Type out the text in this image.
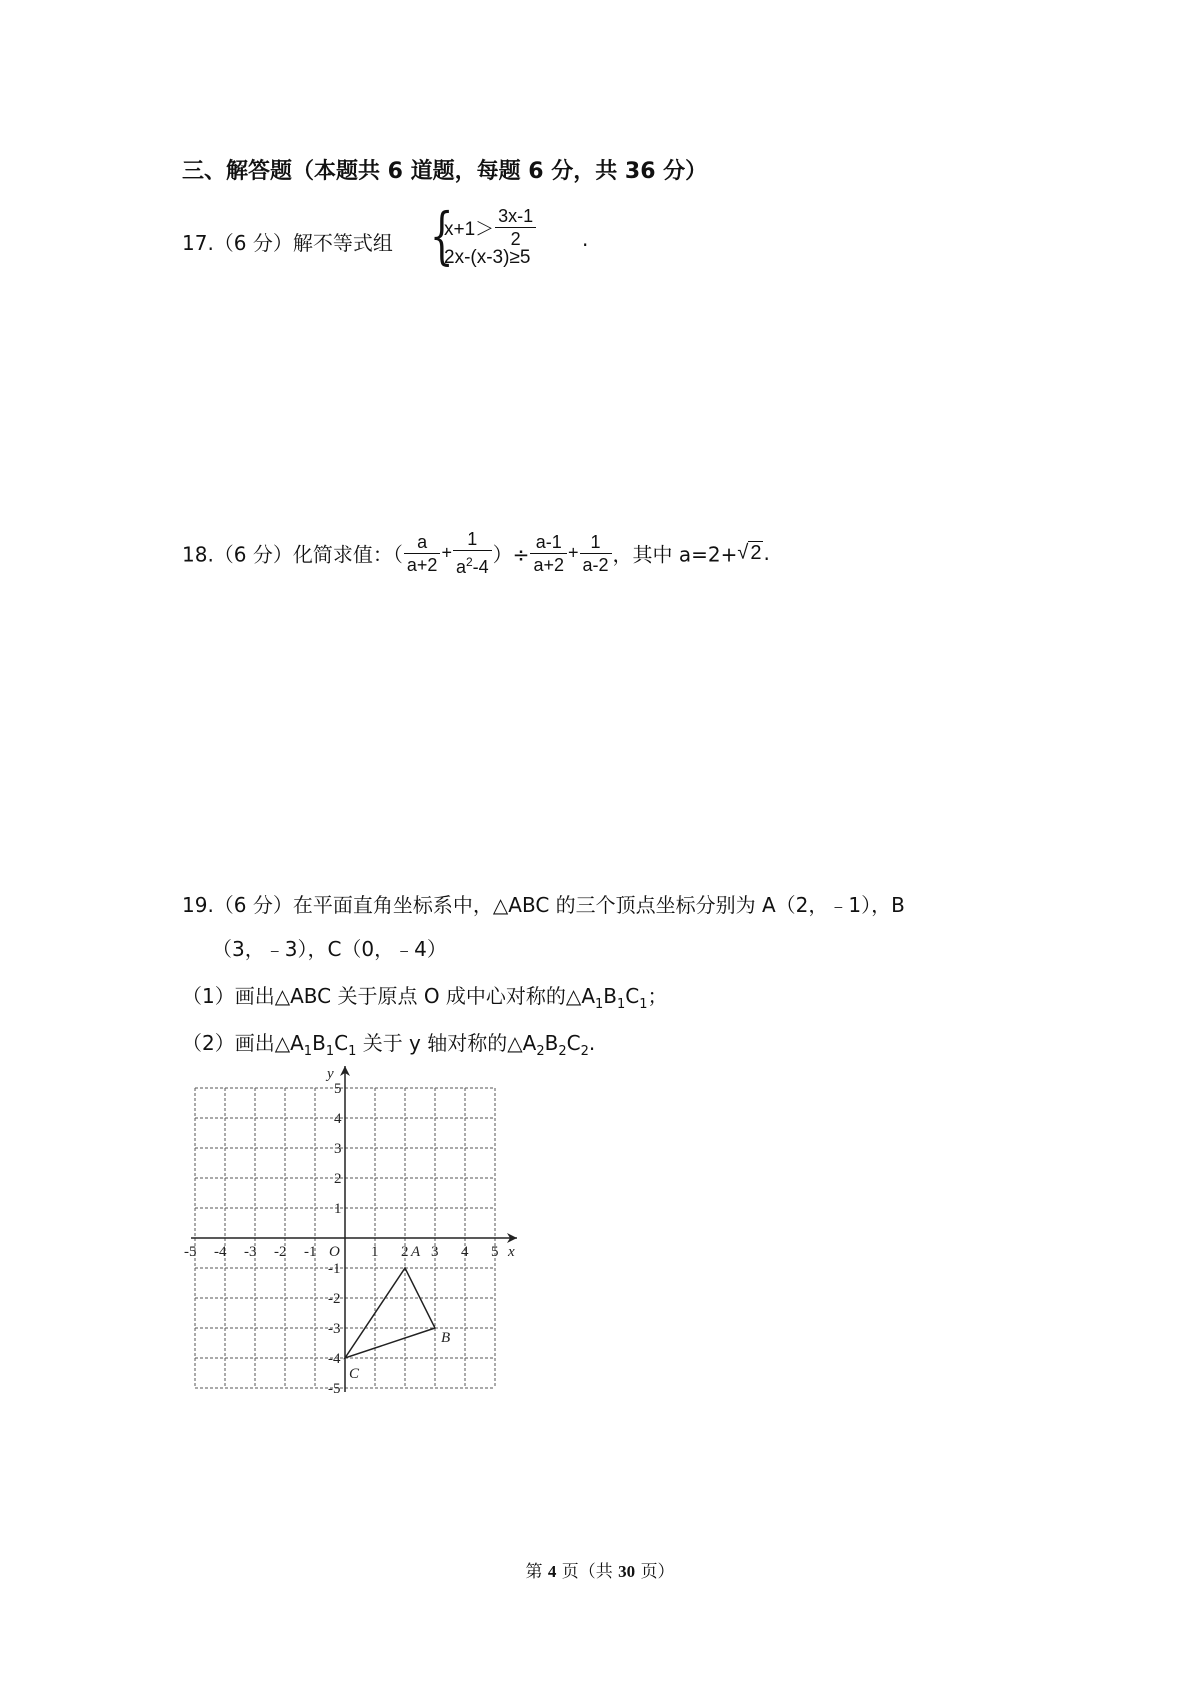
三、解答题（本题共 6 道题，每题 6 分，共 36 分）
17.（6 分）解不等式组 {
$x+1> \frac{3x-1}{2}$
2x-(x-3)≥5
.
18.（6 分）化简求值：（ $\frac{a}{a+2} + \frac{1}{a^2-4}$ ）÷ $\frac{a-1}{a+2} + \frac{1}{a-2}$ ，其中 a=2+√ 2 .
19.（6 分）在平面直角坐标系中，△ABC 的三个顶点坐标分别为 A（2，﹣1），B
（3，﹣3），C（0，﹣4）
（1）画出△ABC 关于原点 O 成中心对称的$\triangle A_1B_1C_1$；
（2）画出$\triangle A_1B_1C_1$ 关于 y 轴对称的$\triangle A_2B_2C_2$.
x
y
O
-5 -4 -3 -2 -1	1 2 3 4 5
5
4
3
2
1
-1
-2
-3
-4
-5
A
B
C
第 4 页（共 30 页）
